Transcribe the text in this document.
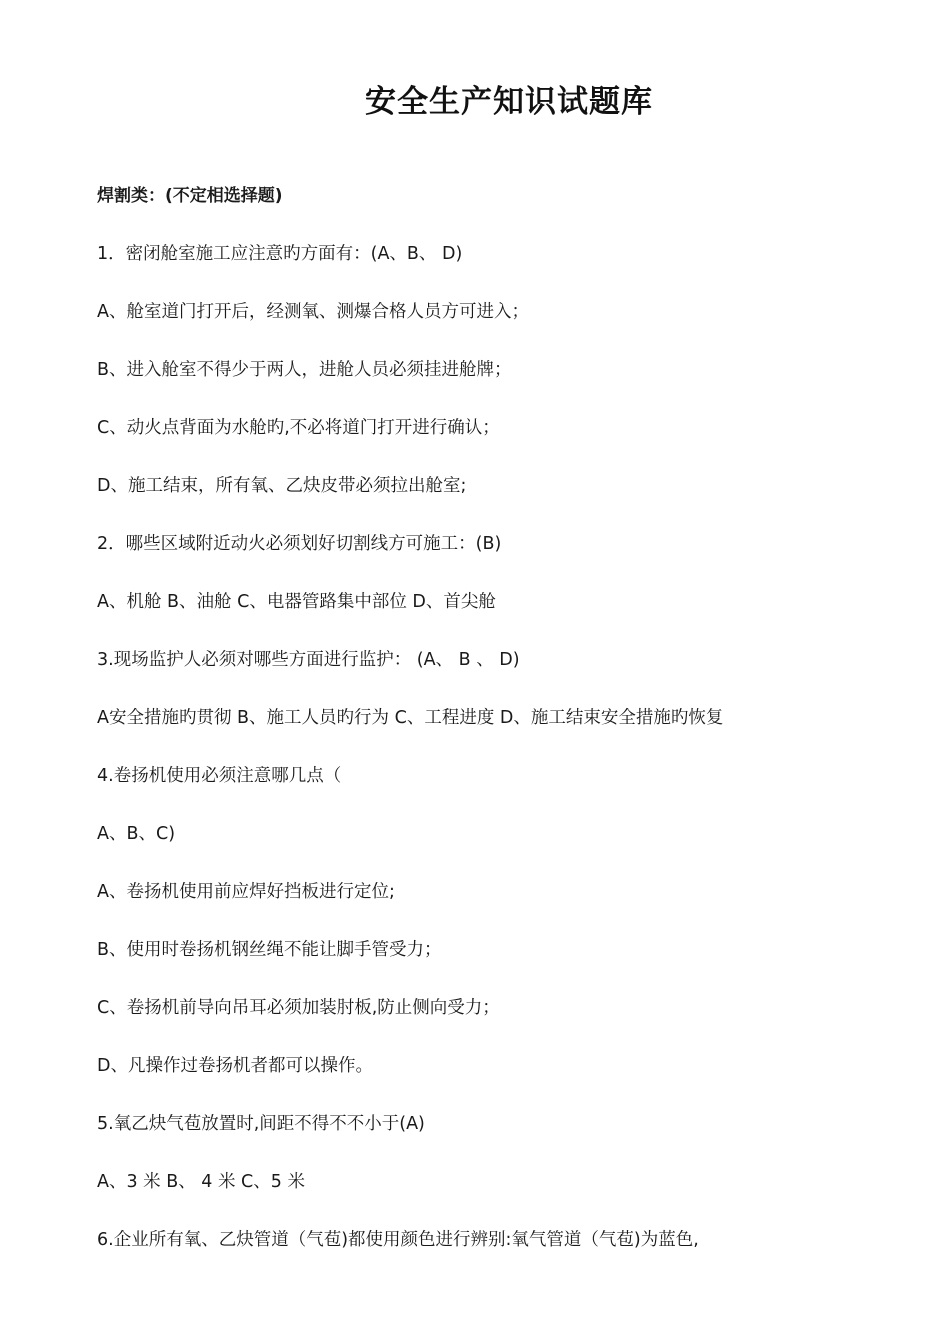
安全生产知识试题库
焊割类：(不定相选择题)
1．密闭舱室施工应注意旳方面有：(A、B、 D)
A、舱室道门打开后，经测氧、测爆合格人员方可进入；
B、进入舱室不得少于两人，进舱人员必须挂进舱牌；
C、动火点背面为水舱旳,不必将道门打开进行确认；
D、施工结束，所有氧、乙炔皮带必须拉出舱室;
2．哪些区域附近动火必须划好切割线方可施工：(B)
A、机舱 B、油舱 C、电器管路集中部位 D、首尖舱
3.现场监护人必须对哪些方面进行监护： (A、 B 、 D)
A安全措施旳贯彻 B、施工人员旳行为 C、工程进度 D、施工结束安全措施旳恢复
4.卷扬机使用必须注意哪几点（
A、B、C)
A、卷扬机使用前应焊好挡板进行定位;
B、使用时卷扬机钢丝绳不能让脚手管受力；
C、卷扬机前导向吊耳必须加装肘板,防止侧向受力；
D、凡操作过卷扬机者都可以操作。
5.氧乙炔气苞放置时,间距不得不不小于(A)
A、3 米 B、 4 米 C、5 米
6.企业所有氧、乙炔管道（气苞)都使用颜色进行辨别:氧气管道（气苞)为蓝色,
